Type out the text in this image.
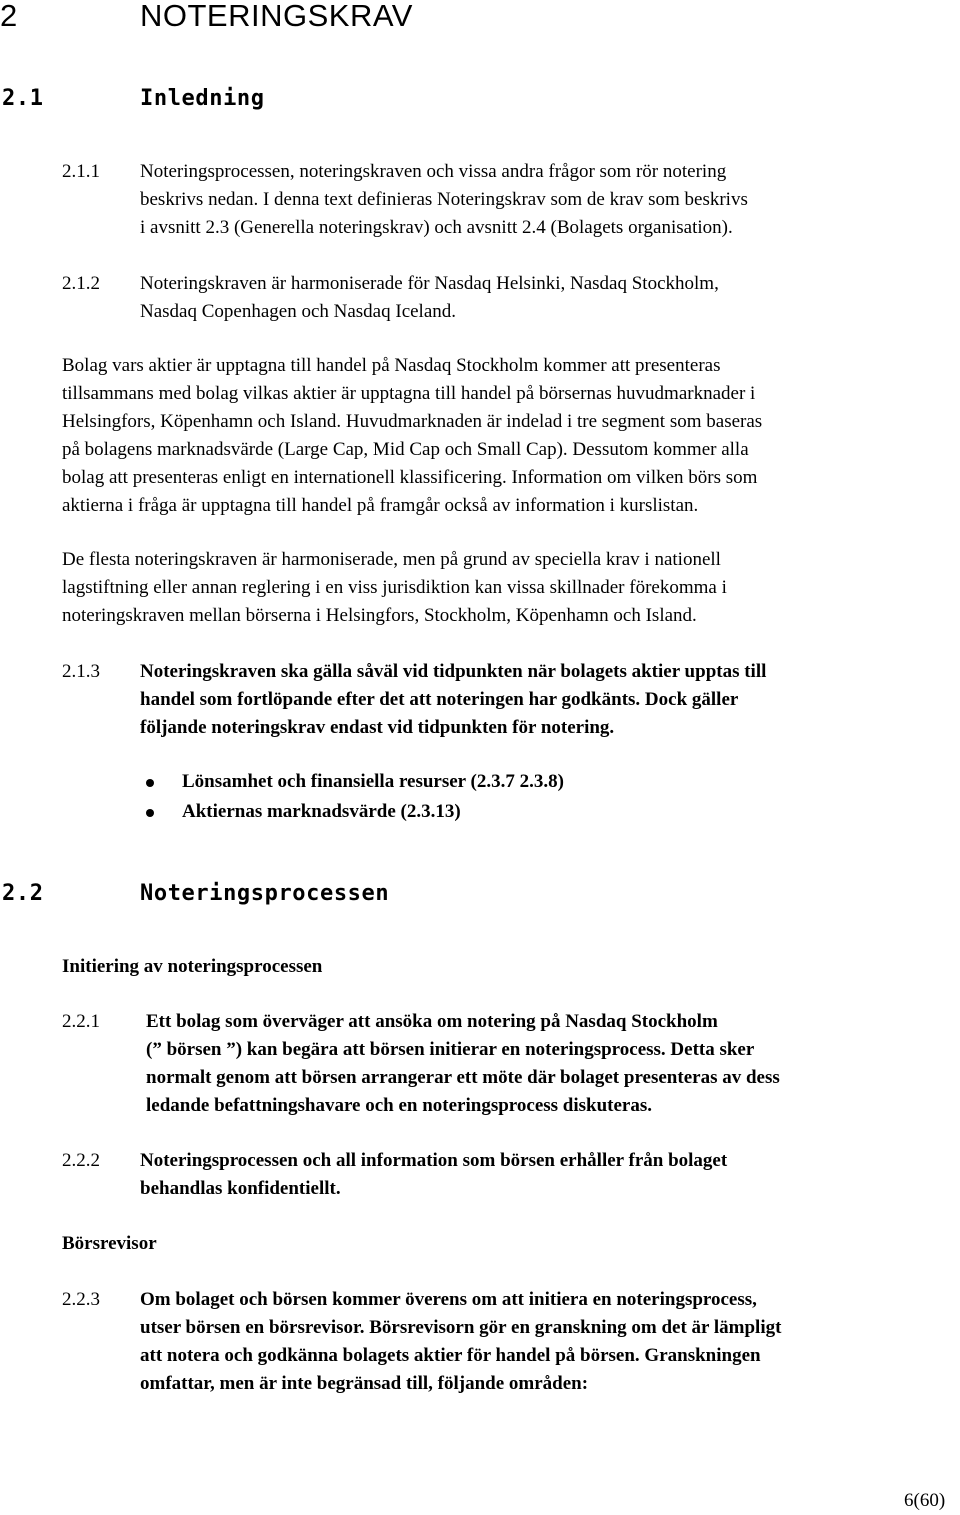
2	NOTERINGSKRAV
2.1	Inledning
2.1.1 Noteringsprocessen, noteringskraven och vissa andra frågor som rör notering
beskrivs nedan. I denna text definieras Noteringskrav som de krav som beskrivs
i avsnitt 2.3 (Generella noteringskrav) och avsnitt 2.4 (Bolagets organisation).
2.1.2 Noteringskraven är harmoniserade för Nasdaq Helsinki, Nasdaq Stockholm,
Nasdaq Copenhagen och Nasdaq Iceland.
Bolag vars aktier är upptagna till handel på Nasdaq Stockholm kommer att presenteras
tillsammans med bolag vilkas aktier är upptagna till handel på börsernas huvudmarknader i
Helsingfors, Köpenhamn och Island. Huvudmarknaden är indelad i tre segment som baseras
på bolagens marknadsvärde (Large Cap, Mid Cap och Small Cap). Dessutom kommer alla
bolag att presenteras enligt en internationell klassificering. Information om vilken börs som
aktierna i fråga är upptagna till handel på framgår också av information i kurslistan.
De flesta noteringskraven är harmoniserade, men på grund av speciella krav i nationell
lagstiftning eller annan reglering i en viss jurisdiktion kan vissa skillnader förekomma i
noteringskraven mellan börserna i Helsingfors, Stockholm, Köpenhamn och Island.
2.1.3 Noteringskraven ska gälla såväl vid tidpunkten när bolagets aktier upptas till
handel som fortlöpande efter det att noteringen har godkänts. Dock gäller
följande noteringskrav endast vid tidpunkten för notering.
Lönsamhet och finansiella resurser (2.3.7 2.3.8)
Aktiernas marknadsvärde (2.3.13)
2.2	Noteringsprocessen
Initiering av noteringsprocessen
2.2.1 Ett bolag som överväger att ansöka om notering på Nasdaq Stockholm
(” börsen ”) kan begära att börsen initierar en noteringsprocess. Detta sker
normalt genom att börsen arrangerar ett möte där bolaget presenteras av dess
ledande befattningshavare och en noteringsprocess diskuteras.
2.2.2 Noteringsprocessen och all information som börsen erhåller från bolaget
behandlas konfidentiellt.
Börsrevisor
2.2.3 Om bolaget och börsen kommer överens om att initiera en noteringsprocess,
utser börsen en börsrevisor. Börsrevisorn gör en granskning om det är lämpligt
att notera och godkänna bolagets aktier för handel på börsen. Granskningen
omfattar, men är inte begränsad till, följande områden:
6(60)
